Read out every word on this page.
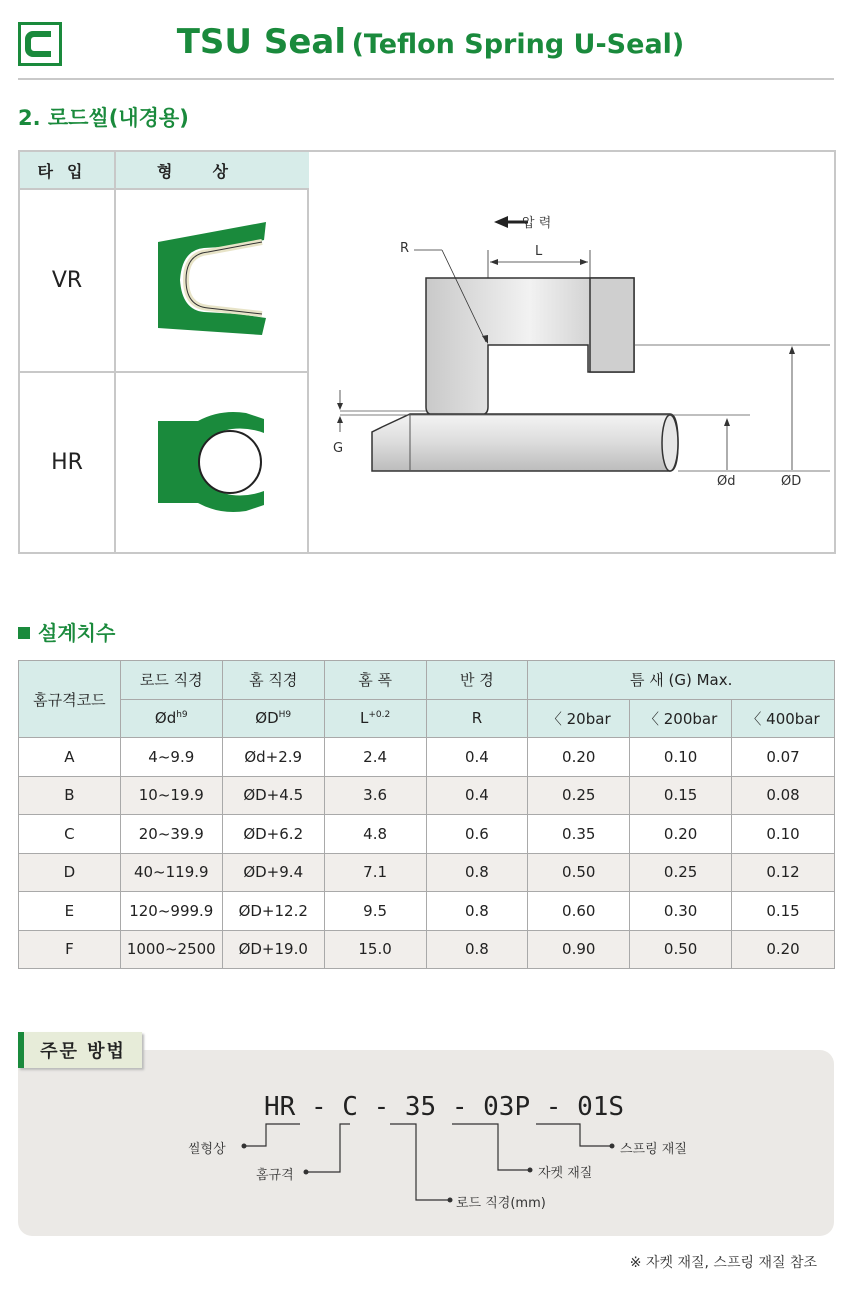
TSU Seal (Teflon Spring U-Seal)
2. 로드씰(내경용)
타입	형상
VR
HR
압 력
R	L
G
Ød	ØD
설계치수
홈규격코드	로드 직경	홈 직경	홈 폭	반 경	틈 새 (G) Max.		
	$Ød^{h9}$	$ØD^{H9}$	$L^{+0.2}$	R	〈 20bar	〈 200bar	〈 400bar
A	4~9.9	Ød+2.9	2.4	0.4	0.20	0.10	0.07
B	10~19.9	ØD+4.5	3.6	0.4	0.25	0.15	0.08
C	20~39.9	ØD+6.2	4.8	0.6	0.35	0.20	0.10
D	40~119.9	ØD+9.4	7.1	0.8	0.50	0.25	0.12
E	120~999.9	ØD+12.2	9.5	0.8	0.60	0.30	0.15
F	1000~2500	ØD+19.0	15.0	0.8	0.90	0.50	0.20
주문 방법
HR - C - 35 - 03P - 01S
씰형상
홈규격
로드 직경(mm)
자켓 재질
스프링 재질
※ 자켓 재질, 스프링 재질 참조
